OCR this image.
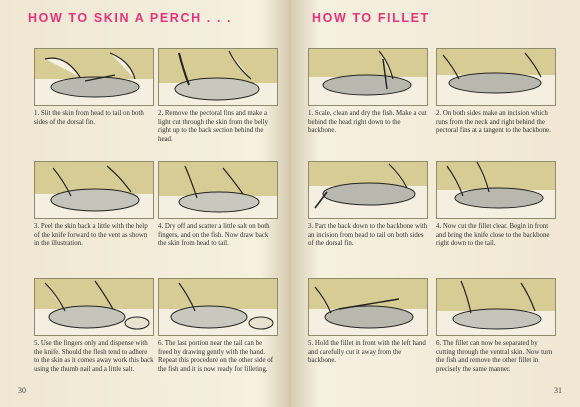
HOW TO SKIN A PERCH . . .
1. Slit the skin from head to tail on both sides of the dorsal fin.
2. Remove the pectoral fins and make a light cut through the skin from the belly right up to the back section behind the head.
3. Peel the skin back a little with the help of the knife forward to the vent as shown in the illustration.
4. Dry off and scatter a little salt on both fingers, and on the fish. Now draw back the skin from head to tail.
5. Use the fingers only and dispense with the knife. Should the flesh tend to adhere to the skin as it comes away work this back using the thumb nail and a little salt.
6. The last portion near the tail can be freed by drawing gently with the hand. Repeat this procedure on the other side of the fish and it is now ready for filleting.
30
HOW TO FILLET
1. Scale, clean and dry the fish. Make a cut behind the head right down to the backbone.
2. On both sides make an incision which runs from the neck and right behind the pectoral fins at a tangent to the backbone.
3. Part the back down to the backbone with an incision from head to tail on both sides of the dorsal fin.
4. Now cut the fillet clear. Begin in front and bring the knife close to the backbone right down to the tail.
5. Hold the fillet in front with the left hand and carefully cut it away from the backbone.
6. The fillet can now be separated by cutting through the ventral skin. Now turn the fish and remove the other fillet in precisely the same manner.
31
